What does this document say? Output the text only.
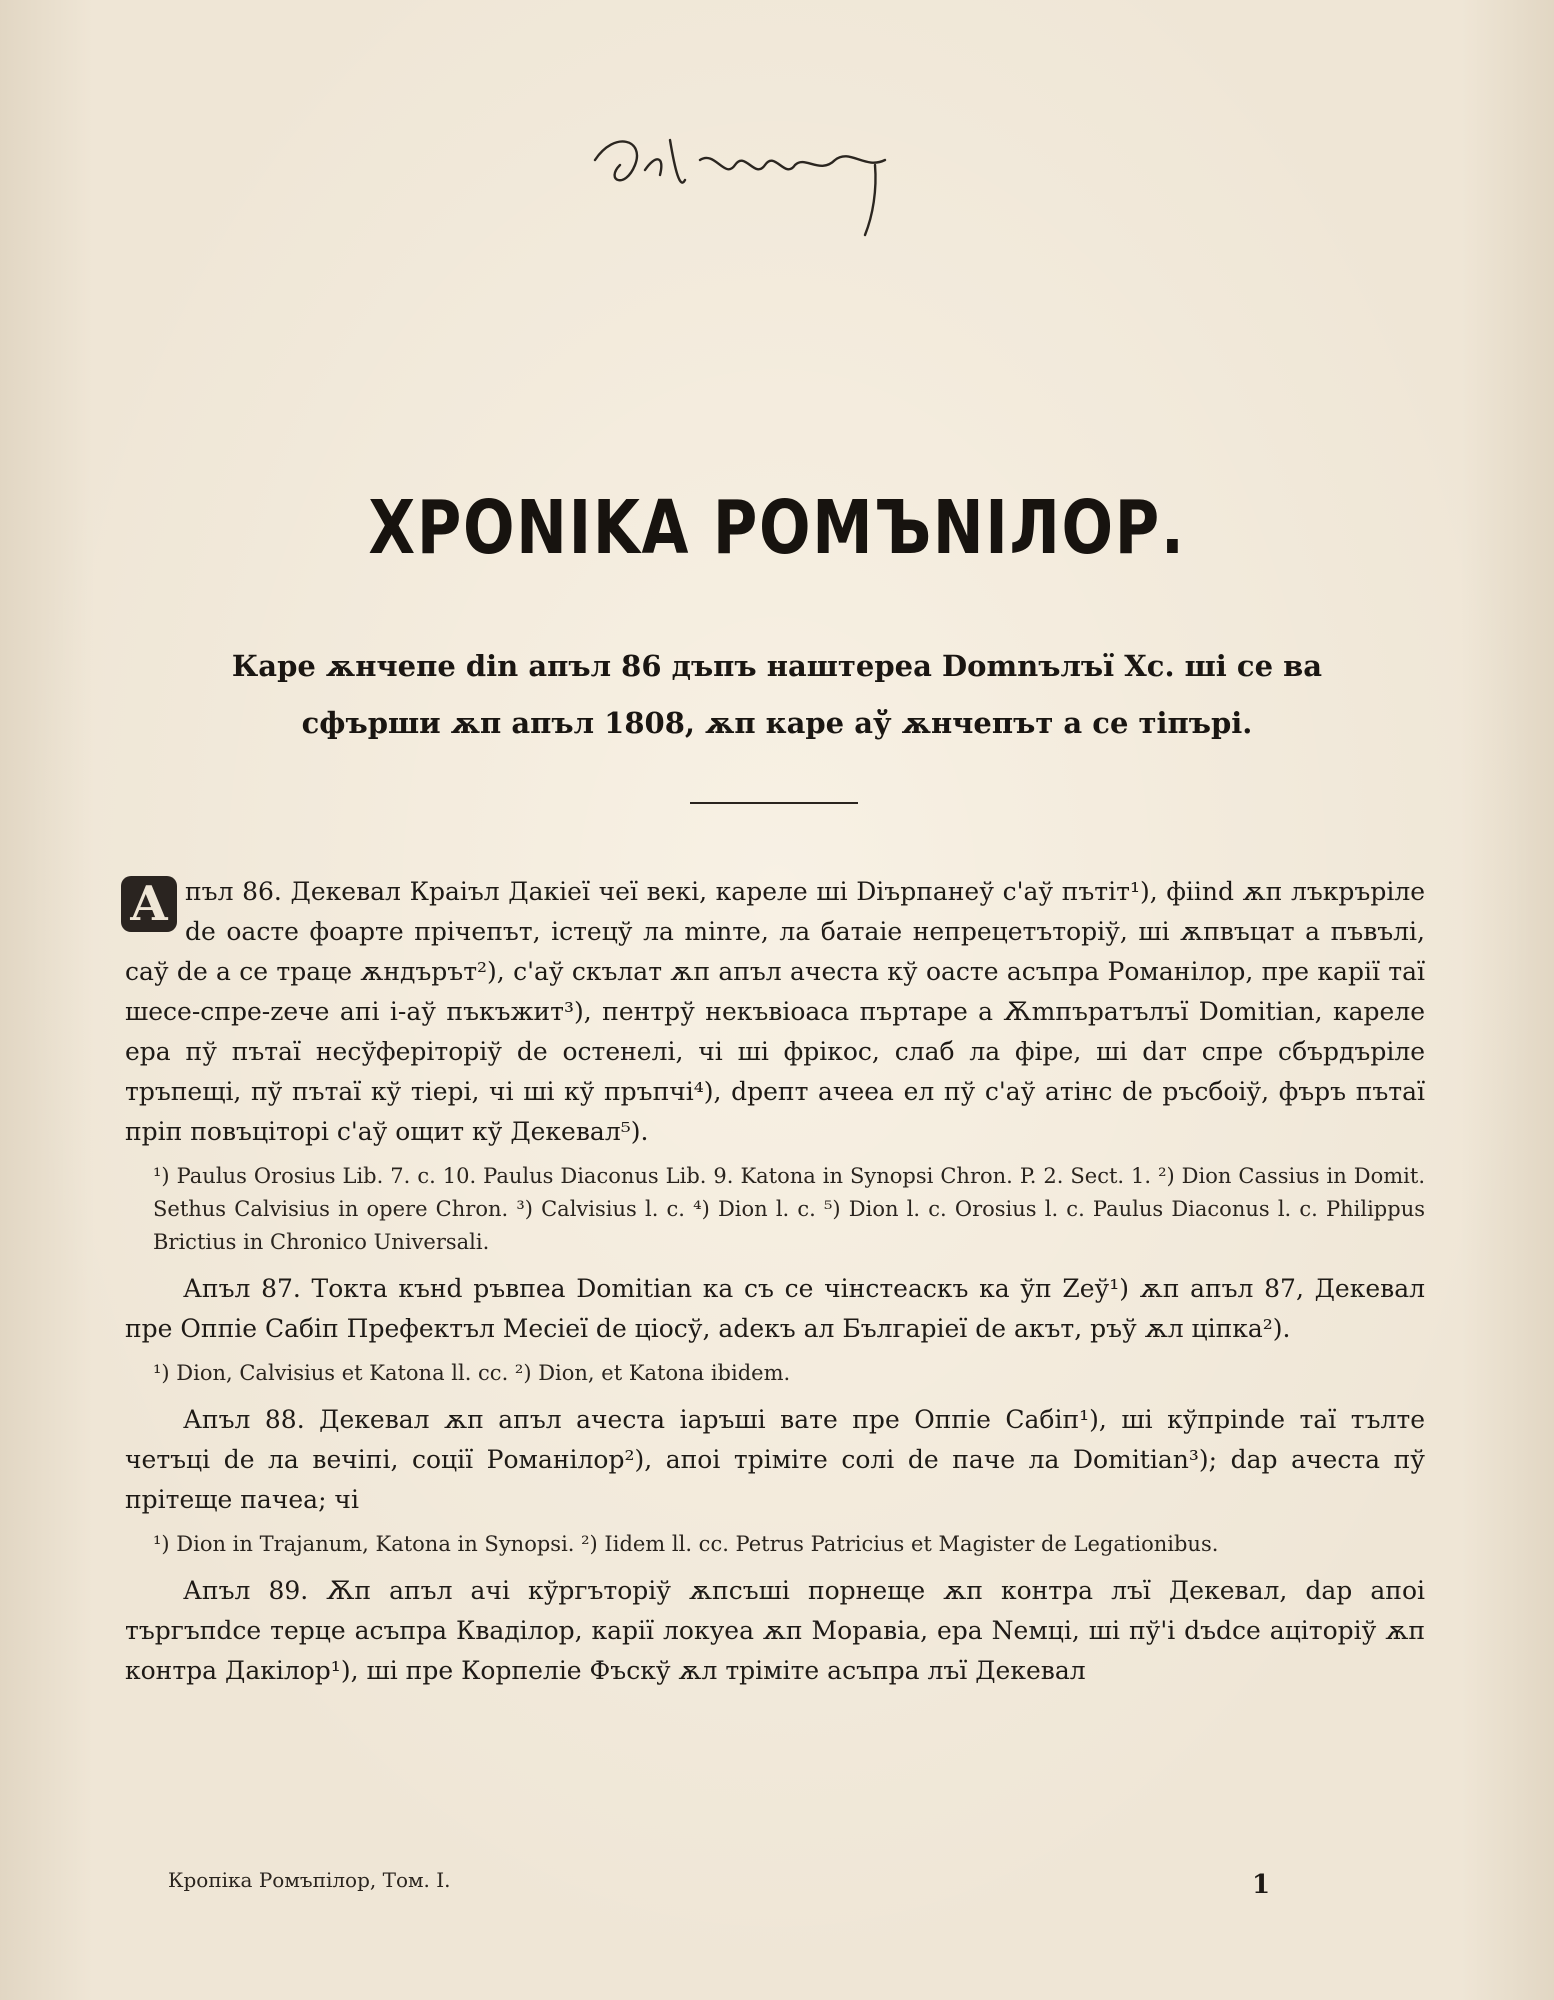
ХРОNIKA РОМЪNIЛОР.
Каре ѫнчепе din апъл 86 дъпъ наштереа Domnълъї Хс. шi се ва
сфърши ѫп апъл 1808, ѫп каре аў ѫнчепът а се тiпърi.

А пъл 86. Декевал Краiъл Дакiеї чеї векi, кареле шi Diърпанеў с'аў пътiт¹), фiind ѫп лъкрърiле de оасте фоарте прiчепът, iстецў ла minте, ла батаiе непрецетъторiў, шi ѫпвъцат а пъвълi, саў de а се траце ѫндърът²), с'аў скълат ѫп апъл ачеста кў оасте асъпра Романiлор, пре карiї таї шесе-спре-zече апi i-аў пъкъжит³), пентрў некъвioаса пъртаре а Ѫmпъратълъї Domitian, кареле ера пў пътаї несўферiторiў de остенелi, чi шi фрiкос, слаб ла фiре, шi dат спре сбърдърiле тръпещi, пў пътаї кў тiерi, чi шi кў пръпчi⁴), dрепт ачееа ел пў с'аў атiнс de ръсбоiў, фъръ пътаї прiп повъцiторi с'аў ощит кў Декевал⁵).

¹) Paulus Orosius Lib. 7. c. 10. Paulus Diaconus Lib. 9. Katona in Synopsi Chron. P. 2. Sect. 1. ²) Dion Cassius in Domit. Sethus Calvisius in opere Chron. ³) Calvisius l. c. ⁴) Dion l. c. ⁵) Dion l. c. Orosius l. c. Paulus Diaconus l. c. Philippus Brictius in Chronico Universali.

Апъл 87. Токта кънd ръвпеа Domitian ка съ се чiнстеаскъ ка ўп Zeў¹) ѫп апъл 87, Декевал пре Оппiе Сабiп Префектъл Месiеї de цiосў, аdекъ ал Българiеї de акът, ръў ѫл цiпка²).

¹) Dion, Calvisius et Katona ll. cc. ²) Dion, et Katona ibidem.

Апъл 88. Декевал ѫп апъл ачеста iаръшi вате пре Оппiе Сабiп¹), шi кўпрinde таї тълте четъцi de ла вечiпi, соцiї Романiлор²), апоi трiмiте солi de паче ла Domitian³); dар ачеста пў прiтеще пачеа; чi

¹) Dion in Trajanum, Katona in Synopsi. ²) Iidem ll. cc. Petrus Patricius et Magister de Legationibus.

Апъл 89. Ѫп апъл ачi кўргъторiў ѫпсъшi порнеще ѫп контра лъї Декевал, dар апоi търгъпdсе терце асъпра Квадiлор, карiї локуеа ѫп Моравiа, ера Nемцi, шi пў'i dъdсе ацiторiў ѫп контра Дакiлор¹), шi пре Корпелiе Фъскў ѫл трiмiте асъпра лъї Декевал

Кропiка Ромъпiлор, Том. I.	1
